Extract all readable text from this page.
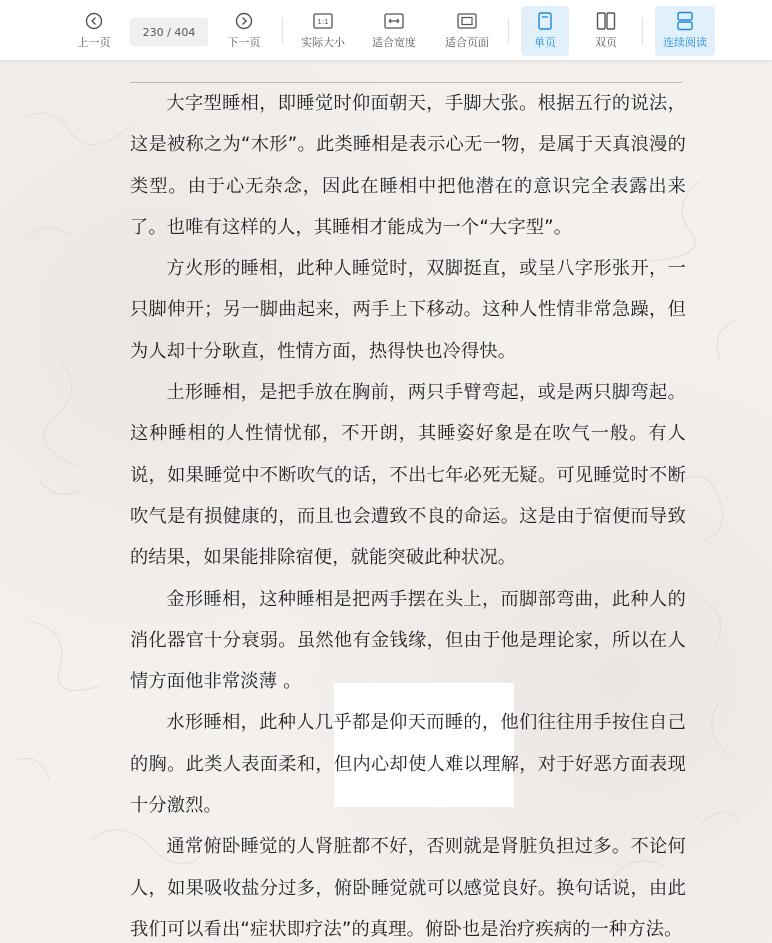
上一页
230 / 404
下一页
1:1
实际大小 适合宽度	适合页面	单页	双页	连续阅读

大字型睡相，即睡觉时仰面朝天，手脚大张。根据五行的说法，这是被称之为“木形”。此类睡相是表示心无一物，是属于天真浪漫的类型。由于心无杂念，因此在睡相中把他潜在的意识完全表露出来了。也唯有这样的人，其睡相才能成为一个“大字型”。

方火形的睡相，此种人睡觉时，双脚挺直，或呈八字形张开，一只脚伸开；另一脚曲起来，两手上下移动。这种人性情非常急躁，但为人却十分耿直，性情方面，热得快也冷得快。

土形睡相，是把手放在胸前，两只手臂弯起，或是两只脚弯起。这种睡相的人性情忧郁，不开朗，其睡姿好象是在吹气一般。有人说，如果睡觉中不断吹气的话，不出七年必死无疑。可见睡觉时不断吹气是有损健康的，而且也会遭致不良的命运。这是由于宿便而导致的结果，如果能排除宿便，就能突破此种状况。

金形睡相，这种睡相是把两手摆在头上，而脚部弯曲，此种人的消化器官十分衰弱。虽然他有金钱缘，但由于他是理论家，所以在人情方面他非常淡薄 。

水形睡相，此种人几乎都是仰天而睡的，他们往往用手按住自己的胸。此类人表面柔和，但内心却使人难以理解，对于好恶方面表现十分激烈。

通常俯卧睡觉的人肾脏都不好，否则就是肾脏负担过多。不论何人，如果吸收盐分过多，俯卧睡觉就可以感觉良好。换句话说，由此我们可以看出“症状即疗法”的真理。俯卧也是治疗疾病的一种方法。
